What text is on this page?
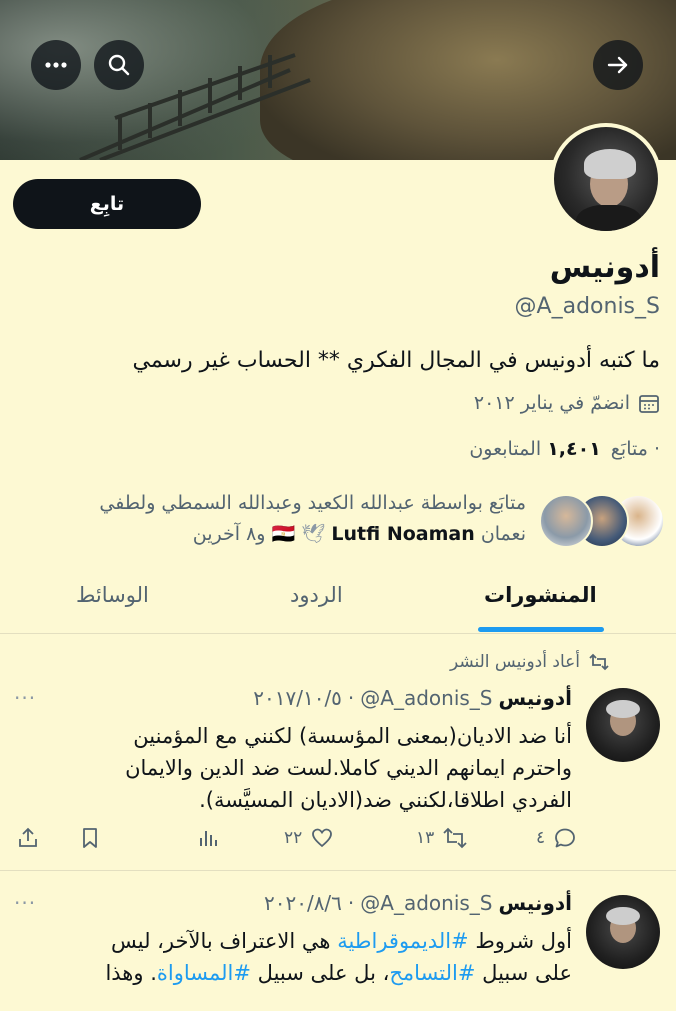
تابِع
أدونيس
@A_adonis_S
ما كتبه أدونيس في المجال الفكري ** الحساب غير رسمي
انضمّ في يناير ٢٠١٢
· متابَع
١,٤٠١ المتابعون
متابَع بواسطة عبدالله الكعيد وعبدالله السمطي ولطفي
نعمان 🇪🇬 🕊 Lutfi Noaman و٨ آخرين
المنشورات
الردود
الوسائط
أعاد أدونيس النشر
أدونيس
@A_adonis_S
·
٢٠١٧/١٠/٥
···
أنا ضد الاديان(بمعنى المؤسسة) لكنني مع المؤمنين
واحترم ايمانهم الديني كاملا.لست ضد الدين والايمان
الفردي اطلاقا،لكنني ضد(الاديان المسيَّسة).
٢٢	١٣	٤
أدونيس
@A_adonis_S
·
٢٠٢٠/٨/٦
···
أول شروط #الديموقراطية هي الاعتراف بالآخر، ليس
على سبيل #التسامح، بل على سبيل #المساواة. وهذا
